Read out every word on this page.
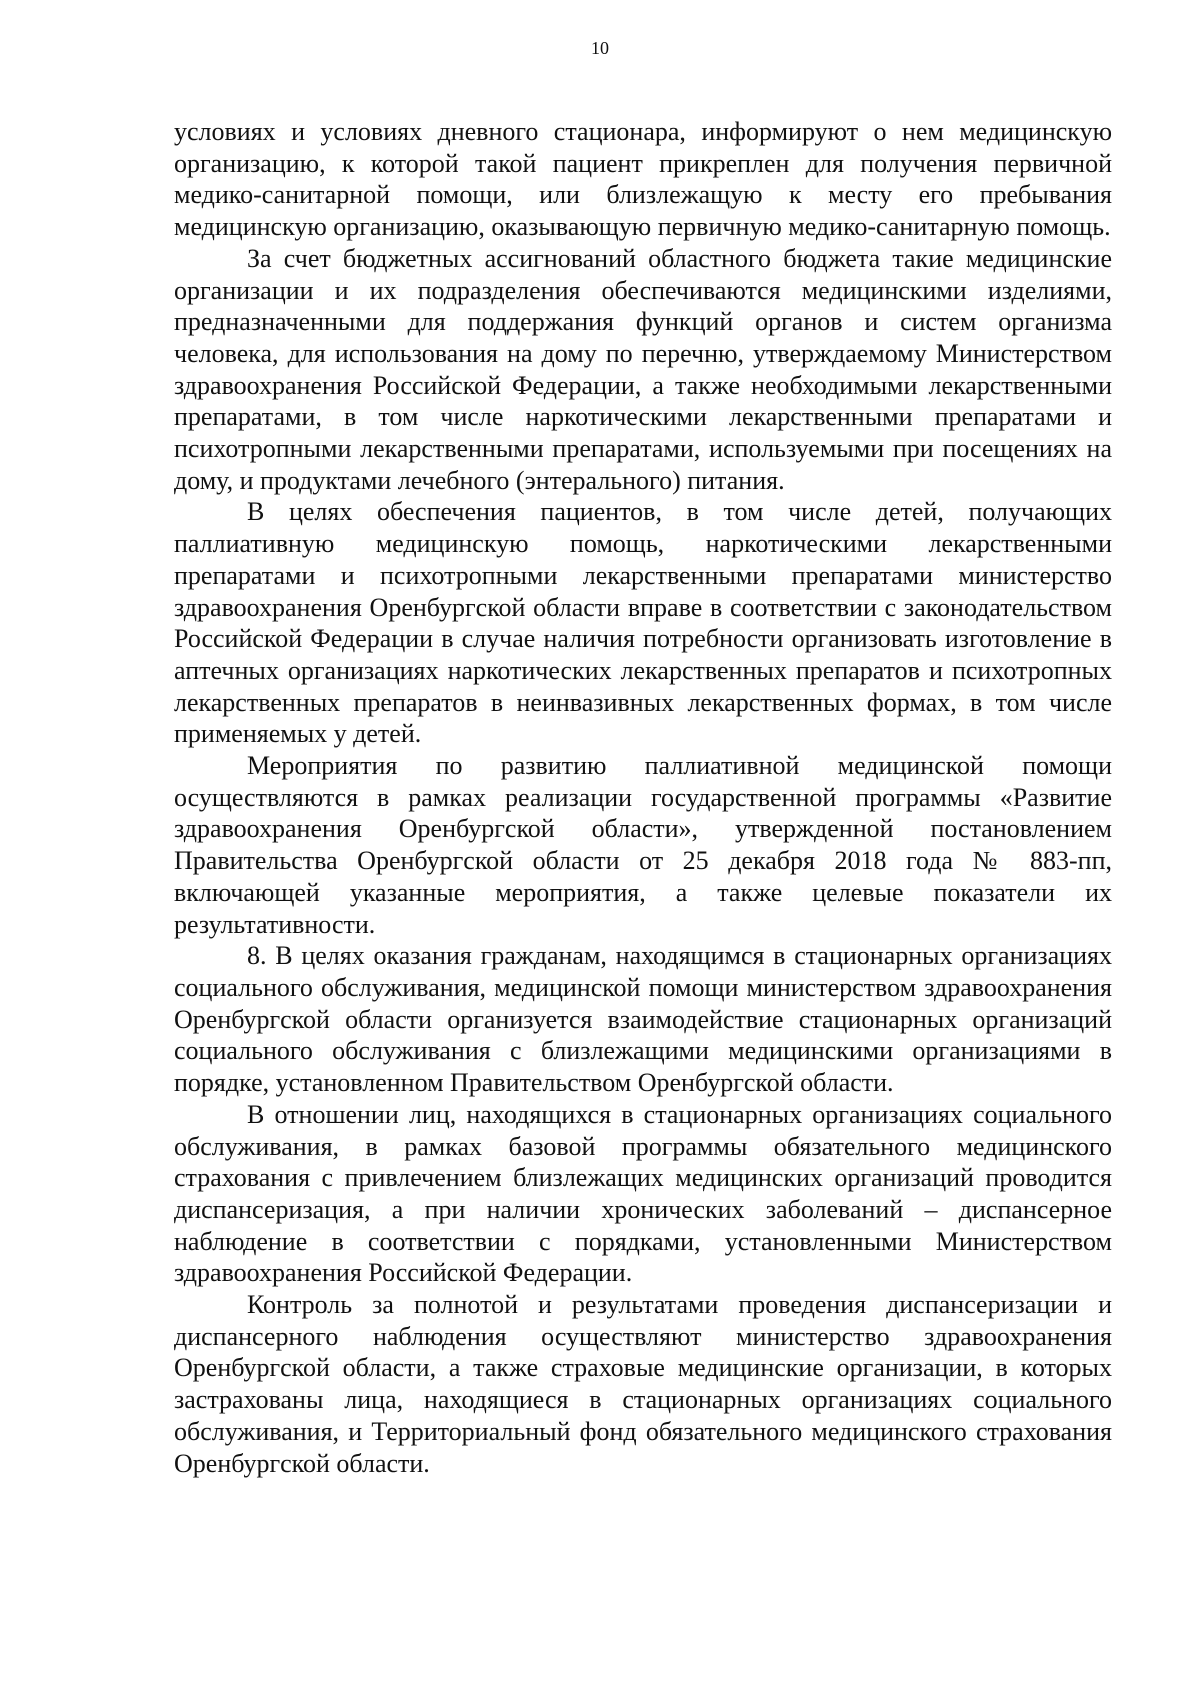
10

условиях и условиях дневного стационара, информируют о нем медицинскую организацию, к которой такой пациент прикреплен для получения первичной медико-санитарной помощи, или близлежащую к месту его пребывания медицинскую организацию, оказывающую первичную медико-санитарную помощь.

За счет бюджетных ассигнований областного бюджета такие медицинские организации и их подразделения обеспечиваются медицинскими изделиями, предназначенными для поддержания функций органов и систем организма человека, для использования на дому по перечню, утверждаемому Министерством здравоохранения Российской Федерации, а также необходимыми лекарственными препаратами, в том числе наркотическими лекарственными препаратами и психотропными лекарственными препаратами, используемыми при посещениях на дому, и продуктами лечебного (энтерального) питания.

В целях обеспечения пациентов, в том числе детей, получающих паллиативную медицинскую помощь, наркотическими лекарственными препаратами и психотропными лекарственными препаратами министерство здравоохранения Оренбургской области вправе в соответствии с законодательством Российской Федерации в случае наличия потребности организовать изготовление в аптечных организациях наркотических лекарственных препаратов и психотропных лекарственных препаратов в неинвазивных лекарственных формах, в том числе применяемых у детей.

Мероприятия по развитию паллиативной медицинской помощи осуществляются в рамках реализации государственной программы «Развитие здравоохранения Оренбургской области», утвержденной постановлением Правительства Оренбургской области от 25 декабря 2018 года № 883-пп, включающей указанные мероприятия, а также целевые показатели их результативности.

8. В целях оказания гражданам, находящимся в стационарных организациях социального обслуживания, медицинской помощи министерством здравоохранения Оренбургской области организуется взаимодействие стационарных организаций социального обслуживания с близлежащими медицинскими организациями в порядке, установленном Правительством Оренбургской области.

В отношении лиц, находящихся в стационарных организациях социального обслуживания, в рамках базовой программы обязательного медицинского страхования с привлечением близлежащих медицинских организаций проводится диспансеризация, а при наличии хронических заболеваний – диспансерное наблюдение в соответствии с порядками, установленными Министерством здравоохранения Российской Федерации.

Контроль за полнотой и результатами проведения диспансеризации и диспансерного наблюдения осуществляют министерство здравоохранения Оренбургской области, а также страховые медицинские организации, в которых застрахованы лица, находящиеся в стационарных организациях социального обслуживания, и Территориальный фонд обязательного медицинского страхования Оренбургской области.
